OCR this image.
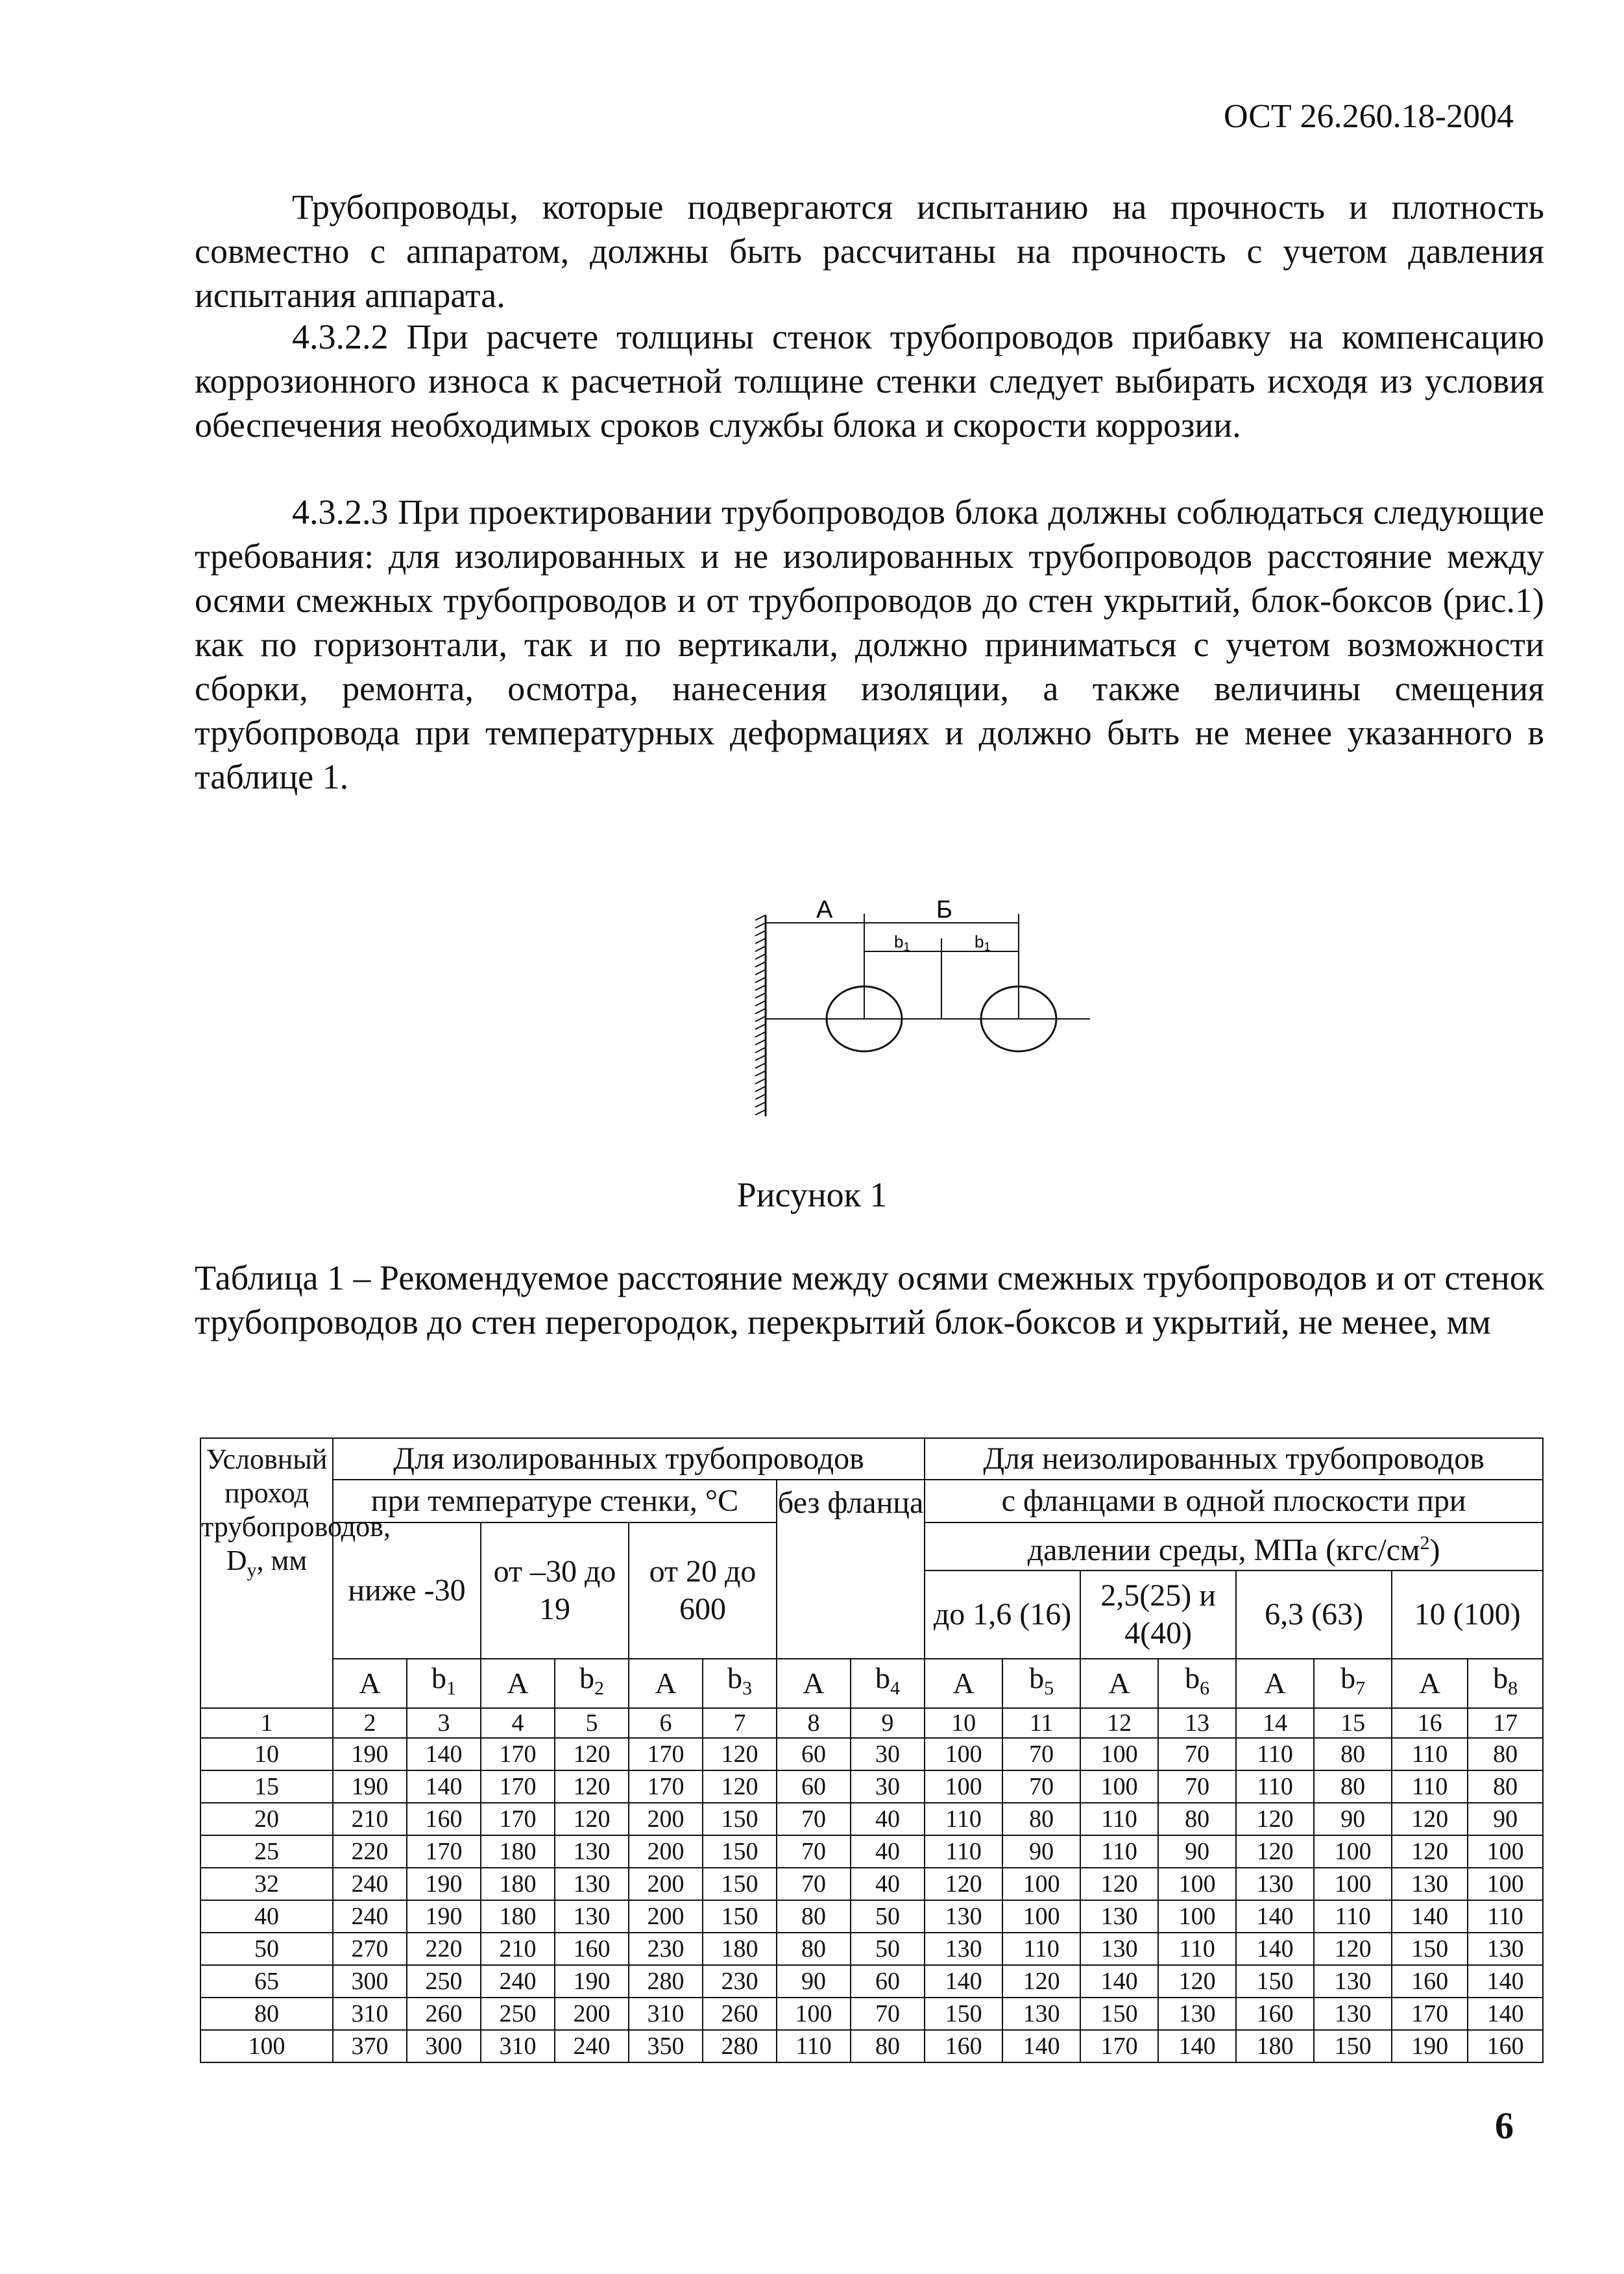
ОСТ 26.260.18-2004

Трубопроводы, которые подвергаются испытанию на прочность и плотность совместно с аппаратом, должны быть рассчитаны на прочность с учетом давления испытания аппарата.

4.3.2.2 При расчете толщины стенок трубопроводов прибавку на компенсацию коррозионного износа к расчетной толщине стенки следует выбирать исходя из условия обеспечения необходимых сроков службы блока и скорости коррозии.

4.3.2.3 При проектировании трубопроводов блока должны соблюдаться следующие требования: для изолированных и не изолированных трубопроводов расстояние между осями смежных трубопроводов и от трубопроводов до стен укрытий, блок-боксов (рис.1) как по горизонтали, так и по вертикали, должно приниматься с учетом возможности сборки, ремонта, осмотра, нанесения изоляции, а также величины смещения трубопровода при температурных деформациях и должно быть не менее указанного в таблице 1.

А	Б
b1	b1
Рисунок 1

Таблица 1 – Рекомендуемое расстояние между осями смежных трубопроводов и от стенок трубопроводов до стен перегородок, перекрытий блок-боксов и укрытий, не менее, мм

Условный проход трубопроводов,
$D_у$, мм	Для изолированных трубопроводов								Для неизолированных трубопроводов							
	при температуре стенки, °С						без фланца		с фланцами в одной плоскости при							
	ниже -30		от –30 до 19		от 20 до 600				давлении среды, МПа $(кгс/см^2)$							
									до 1,6 (16)		2,5(25) и 4(40)		6,3 (63)		10 (100)	
	А	$b_1$	А	$b_2$	А	$b_3$	А	$b_4$	А	$b_5$	А	$b_6$	А	$b_7$	А	$b_8$
1	2	3	4	5	6	7	8	9	10	11	12	13	14	15	16	17
10	190	140	170	120	170	120	60	30	100	70	100	70	110	80	110	80
15	190	140	170	120	170	120	60	30	100	70	100	70	110	80	110	80
20	210	160	170	120	200	150	70	40	110	80	110	80	120	90	120	90
25	220	170	180	130	200	150	70	40	110	90	110	90	120	100	120	100
32	240	190	180	130	200	150	70	40	120	100	120	100	130	100	130	100
40	240	190	180	130	200	150	80	50	130	100	130	100	140	110	140	110
50	270	220	210	160	230	180	80	50	130	110	130	110	140	120	150	130
65	300	250	240	190	280	230	90	60	140	120	140	120	150	130	160	140
80	310	260	250	200	310	260	100	70	150	130	150	130	160	130	170	140
100	370	300	310	240	350	280	110	80	160	140	170	140	180	150	190	160
6
